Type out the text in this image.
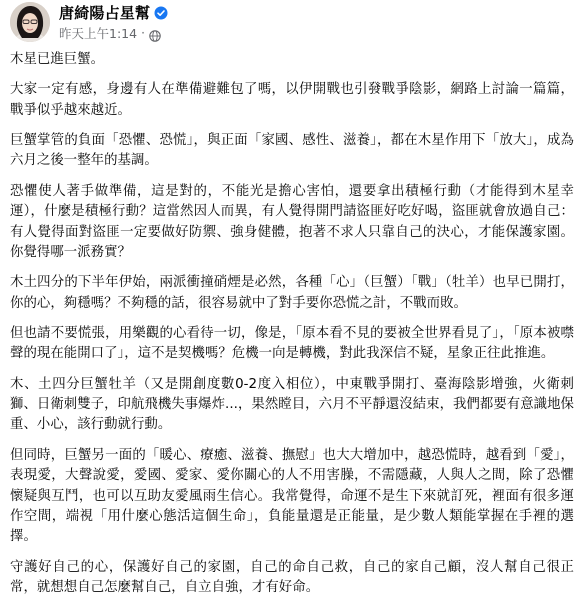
唐綺陽占星幫
昨天上午1:14 ·

木星已進巨蟹。

大家一定有感，身邊有人在準備避難包了嗎，以伊開戰也引發戰爭陰影，網路上討論一篇篇，戰爭似乎越來越近。

巨蟹掌管的負面「恐懼、恐慌」，與正面「家國、感性、滋養」，都在木星作用下「放大」，成為六月之後一整年的基調。

恐懼使人著手做準備，這是對的，不能光是擔心害怕，還要拿出積極行動（才能得到木星幸運），什麼是積極行動？這當然因人而異，有人覺得開門請盜匪好吃好喝，盜匪就會放過自己：有人覺得面對盜匪一定要做好防禦、強身健體，抱著不求人只靠自己的決心，才能保護家園。你覺得哪一派務實？

木土四分的下半年伊始，兩派衝撞硝煙是必然，各種「心」（巨蟹）「戰」（牡羊）也早已開打，你的心，夠穩嗎？不夠穩的話，很容易就中了對手要你恐慌之計，不戰而敗。

但也請不要慌張，用樂觀的心看待一切，像是，「原本看不見的要被全世界看見了」，「原本被噤聲的現在能開口了」，這不是契機嗎？危機一向是轉機，對此我深信不疑，星象正往此推進。

木、土四分巨蟹牡羊（又是開創度數0-2度入相位），中東戰爭開打、臺海陰影增強，火衛刺獅、日衛刺雙子，印航飛機失事爆炸...，果然瞠目，六月不平靜還沒結束，我們都要有意識地保重、小心，該行動就行動。

但同時，巨蟹另一面的「暖心、療癒、滋養、撫慰」也大大增加中，越恐慌時，越看到「愛」，表現愛，大聲說愛，愛國、愛家、愛你關心的人不用害臊，不需隱藏，人與人之間，除了恐懼懷疑與互鬥，也可以互助友愛風雨生信心。我常覺得，命運不是生下來就訂死，裡面有很多運作空間，端視「用什麼心態活這個生命」，負能量還是正能量，是少數人類能掌握在手裡的選擇。

守護好自己的心，保護好自己的家園，自己的命自己救，自己的家自己顧，沒人幫自己很正常，就想想自己怎麼幫自己，自立自強，才有好命。
